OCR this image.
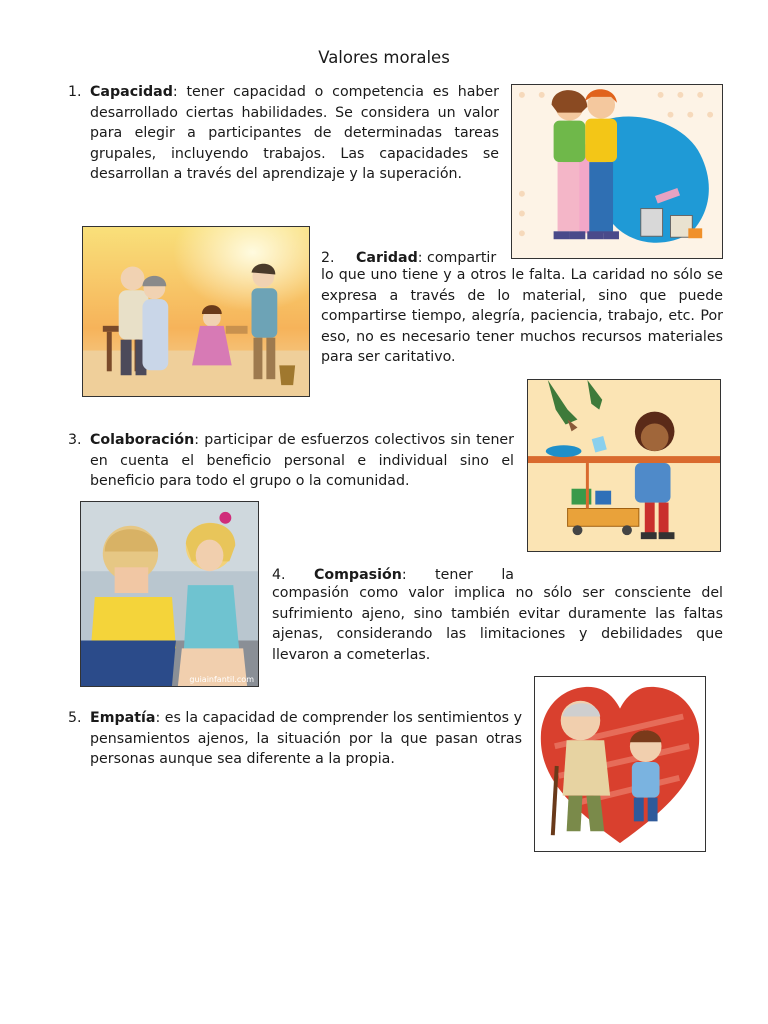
Valores morales
1. Capacidad: tener capacidad o competencia es haber desarrollado ciertas habilidades. Se considera un valor para elegir a participantes de determinadas tareas grupales, incluyendo trabajos. Las capacidades se desarrollan a través del aprendizaje y la superación.

2. Caridad: compartir

lo que uno tiene y a otros le falta. La caridad no sólo se expresa a través de lo material, sino que puede compartirse tiempo, alegría, paciencia, trabajo, etc. Por eso, no es necesario tener muchos recursos materiales para ser caritativo.

3. Colaboración: participar de esfuerzos colectivos sin tener en cuenta el beneficio personal e individual sino el beneficio para todo el grupo o la comunidad.

guiainfantil.com
4. Compasión: tener la

compasión como valor implica no sólo ser consciente del sufrimiento ajeno, sino también evitar duramente las faltas ajenas, considerando las limitaciones y debilidades que llevaron a cometerlas.

5. Empatía: es la capacidad de comprender los sentimientos y pensamientos ajenos, la situación por la que pasan otras personas aunque sea diferente a la propia.
